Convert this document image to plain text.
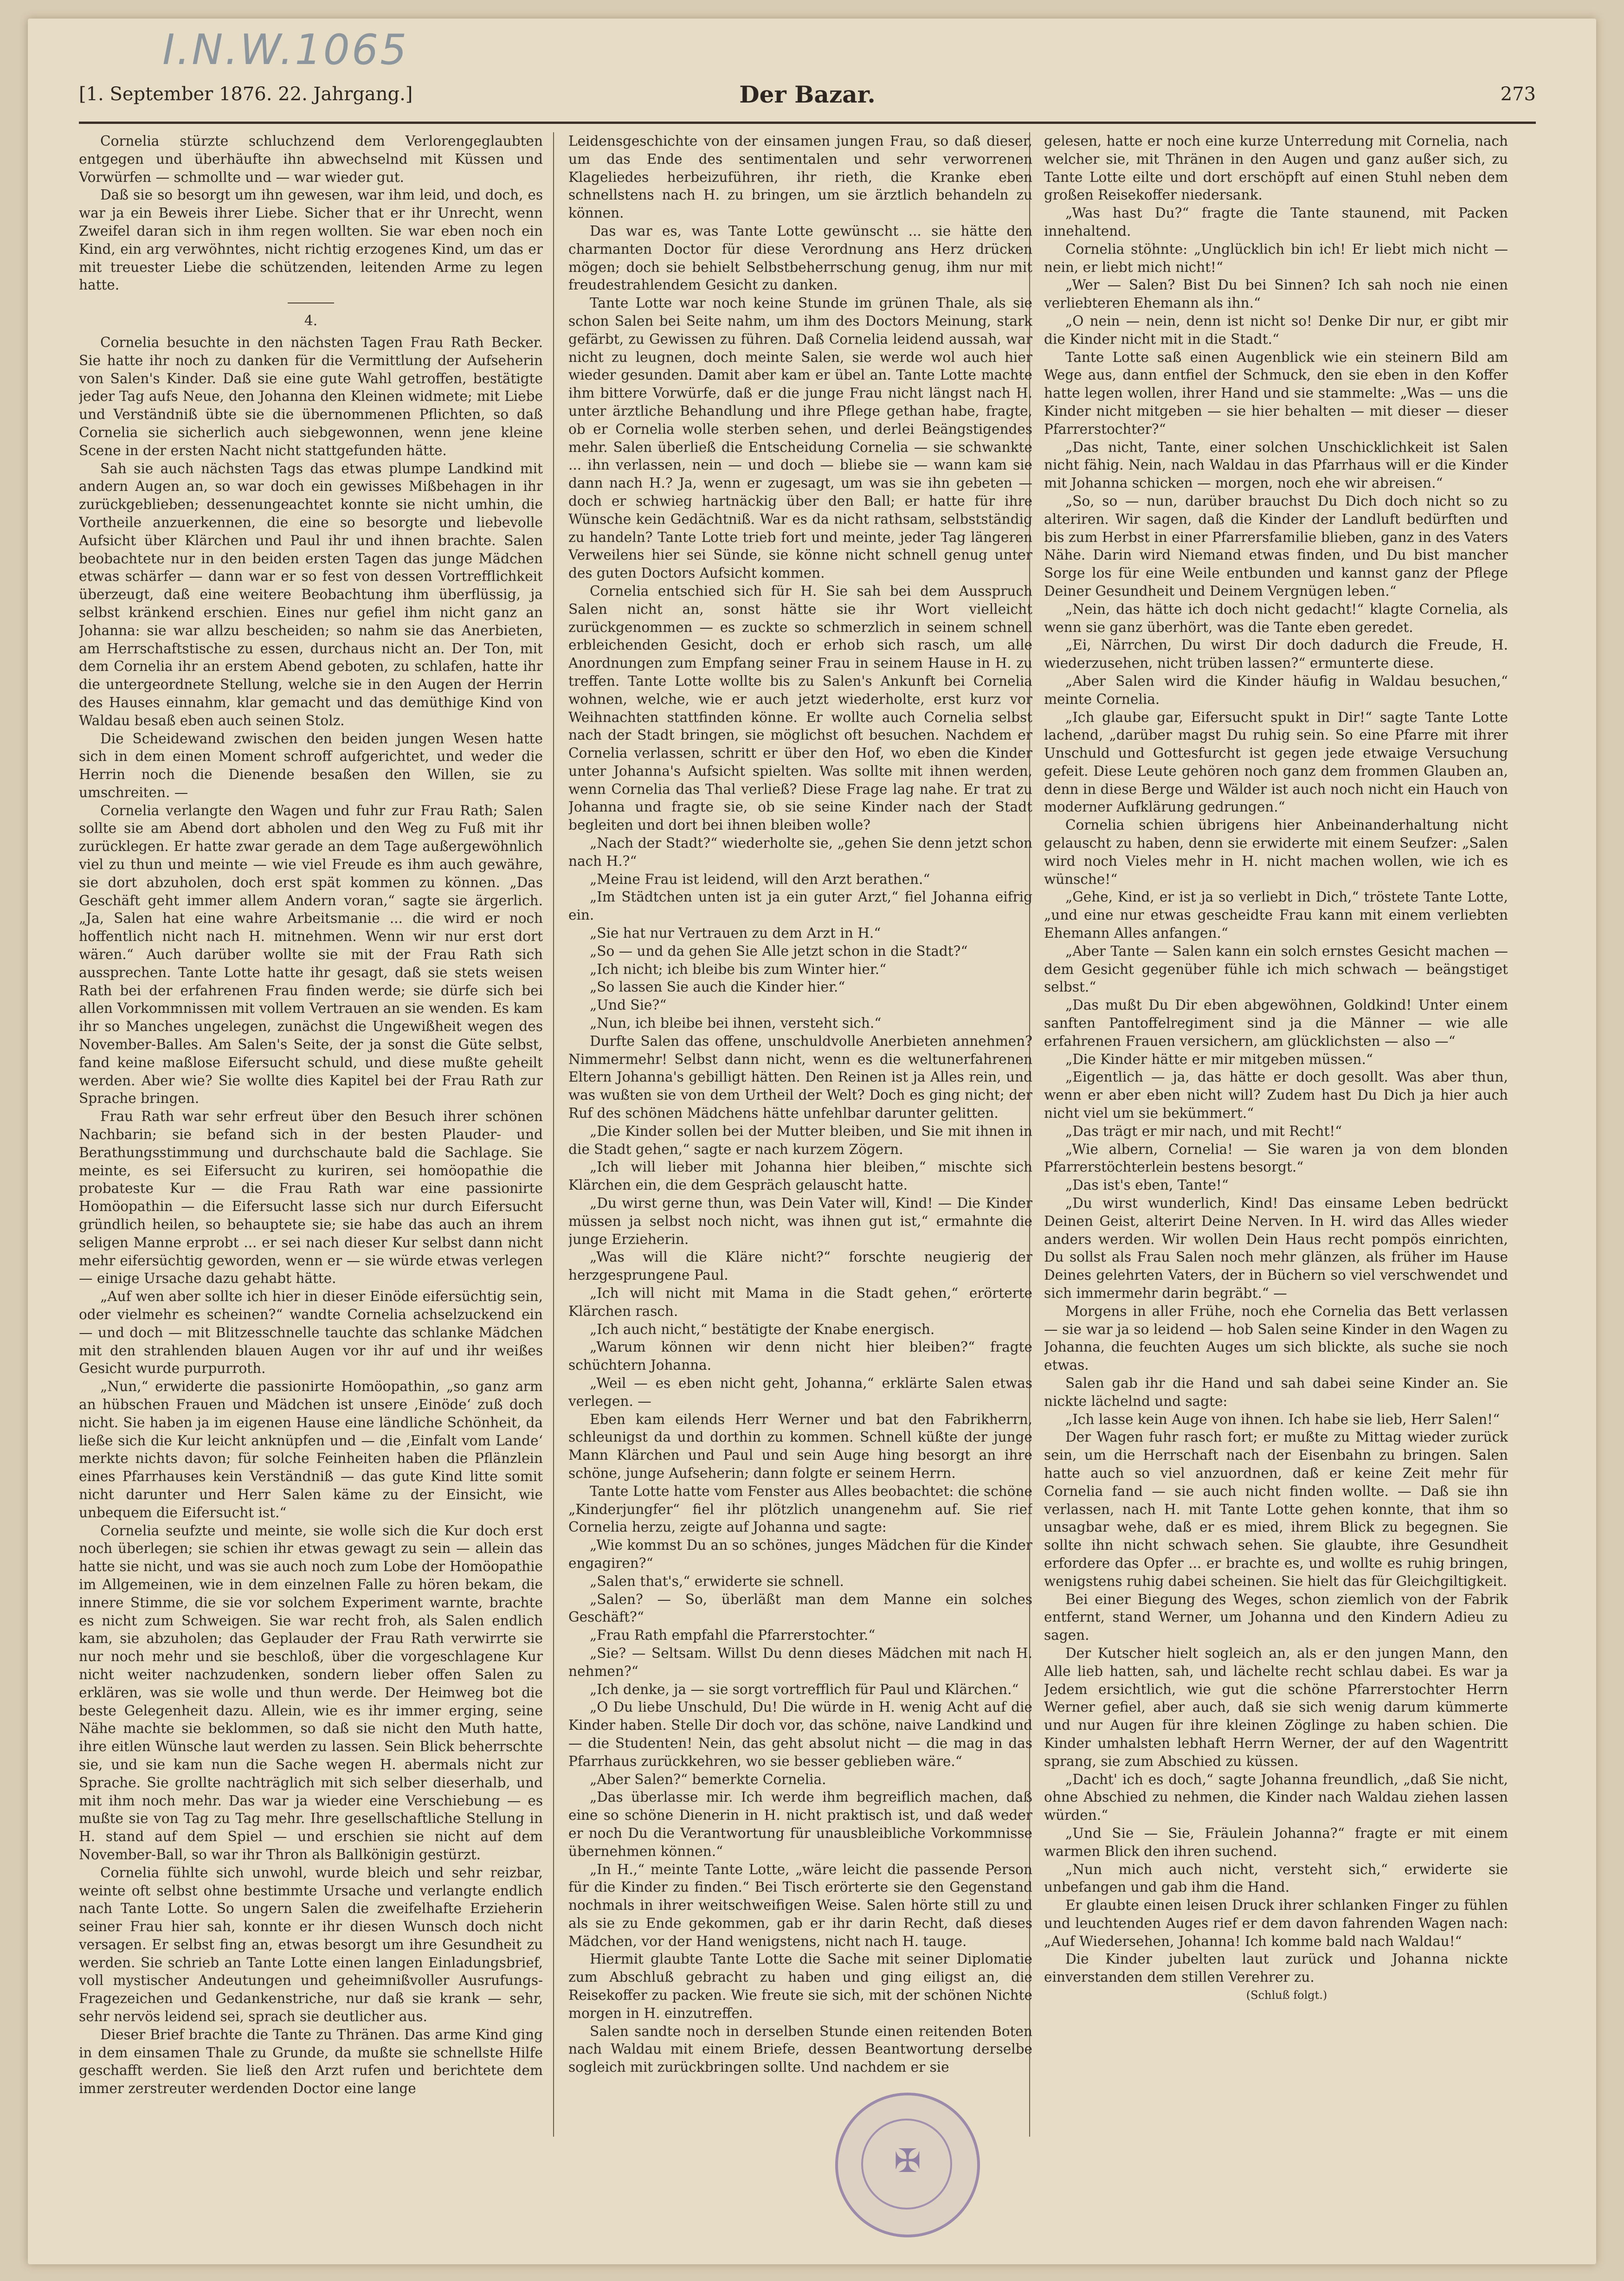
I.N.W.1065
[1. September 1876. 22. Jahrgang.]	Der Bazar.	273

Cornelia stürzte schluchzend dem Verlorengeglaubten entgegen und überhäufte ihn abwechselnd mit Küssen und Vorwürfen — schmollte und — war wieder gut.

Daß sie so besorgt um ihn gewesen, war ihm leid, und doch, es war ja ein Beweis ihrer Liebe. Sicher that er ihr Unrecht, wenn Zweifel daran sich in ihm regen wollten. Sie war eben noch ein Kind, ein arg verwöhntes, nicht richtig erzogenes Kind, um das er mit treuester Liebe die schützenden, leitenden Arme zu legen hatte.

4.

Cornelia besuchte in den nächsten Tagen Frau Rath Becker. Sie hatte ihr noch zu danken für die Vermittlung der Aufseherin von Salen's Kinder. Daß sie eine gute Wahl getroffen, bestätigte jeder Tag aufs Neue, den Johanna den Kleinen widmete; mit Liebe und Verständniß übte sie die übernommenen Pflichten, so daß Cornelia sie sicherlich auch siebgewonnen, wenn jene kleine Scene in der ersten Nacht nicht stattgefunden hätte.

Sah sie auch nächsten Tags das etwas plumpe Landkind mit andern Augen an, so war doch ein gewisses Mißbehagen in ihr zurückgeblieben; dessenungeachtet konnte sie nicht umhin, die Vortheile anzuerkennen, die eine so besorgte und liebevolle Aufsicht über Klärchen und Paul ihr und ihnen brachte. Salen beobachtete nur in den beiden ersten Tagen das junge Mädchen etwas schärfer — dann war er so fest von dessen Vortrefflichkeit überzeugt, daß eine weitere Beobachtung ihm überflüssig, ja selbst kränkend erschien. Eines nur gefiel ihm nicht ganz an Johanna: sie war allzu bescheiden; so nahm sie das Anerbieten, am Herrschaftstische zu essen, durchaus nicht an. Der Ton, mit dem Cornelia ihr an erstem Abend geboten, zu schlafen, hatte ihr die untergeordnete Stellung, welche sie in den Augen der Herrin des Hauses einnahm, klar gemacht und das demüthige Kind von Waldau besaß eben auch seinen Stolz.

Die Scheidewand zwischen den beiden jungen Wesen hatte sich in dem einen Moment schroff aufgerichtet, und weder die Herrin noch die Dienende besaßen den Willen, sie zu umschreiten. —

Cornelia verlangte den Wagen und fuhr zur Frau Rath; Salen sollte sie am Abend dort abholen und den Weg zu Fuß mit ihr zurücklegen. Er hatte zwar gerade an dem Tage außergewöhnlich viel zu thun und meinte — wie viel Freude es ihm auch gewähre, sie dort abzuholen, doch erst spät kommen zu können. „Das Geschäft geht immer allem Andern voran,“ sagte sie ärgerlich. „Ja, Salen hat eine wahre Arbeitsmanie ... die wird er noch hoffentlich nicht nach H. mitnehmen. Wenn wir nur erst dort wären.“ Auch darüber wollte sie mit der Frau Rath sich aussprechen. Tante Lotte hatte ihr gesagt, daß sie stets weisen Rath bei der erfahrenen Frau finden werde; sie dürfe sich bei allen Vorkommnissen mit vollem Vertrauen an sie wenden. Es kam ihr so Manches ungelegen, zunächst die Ungewißheit wegen des November-Balles. Am Salen's Seite, der ja sonst die Güte selbst, fand keine maßlose Eifersucht schuld, und diese mußte geheilt werden. Aber wie? Sie wollte dies Kapitel bei der Frau Rath zur Sprache bringen.

Frau Rath war sehr erfreut über den Besuch ihrer schönen Nachbarin; sie befand sich in der besten Plauder- und Berathungsstimmung und durchschaute bald die Sachlage. Sie meinte, es sei Eifersucht zu kuriren, sei homöopathie die probateste Kur — die Frau Rath war eine passionirte Homöopathin — die Eifersucht lasse sich nur durch Eifersucht gründlich heilen, so behauptete sie; sie habe das auch an ihrem seligen Manne erprobt ... er sei nach dieser Kur selbst dann nicht mehr eifersüchtig geworden, wenn er — sie würde etwas verlegen — einige Ursache dazu gehabt hätte.

„Auf wen aber sollte ich hier in dieser Einöde eifersüchtig sein, oder vielmehr es scheinen?“ wandte Cornelia achselzuckend ein — und doch — mit Blitzesschnelle tauchte das schlanke Mädchen mit den strahlenden blauen Augen vor ihr auf und ihr weißes Gesicht wurde purpurroth.

„Nun,“ erwiderte die passionirte Homöopathin, „so ganz arm an hübschen Frauen und Mädchen ist unsere ‚Einöde‘ zuß doch nicht. Sie haben ja im eigenen Hause eine ländliche Schönheit, da ließe sich die Kur leicht anknüpfen und — die ‚Einfalt vom Lande‘ merkte nichts davon; für solche Feinheiten haben die Pflänzlein eines Pfarrhauses kein Verständniß — das gute Kind litte somit nicht darunter und Herr Salen käme zu der Einsicht, wie unbequem die Eifersucht ist.“

Cornelia seufzte und meinte, sie wolle sich die Kur doch erst noch überlegen; sie schien ihr etwas gewagt zu sein — allein das hatte sie nicht, und was sie auch noch zum Lobe der Homöopathie im Allgemeinen, wie in dem einzelnen Falle zu hören bekam, die innere Stimme, die sie vor solchem Experiment warnte, brachte es nicht zum Schweigen. Sie war recht froh, als Salen endlich kam, sie abzuholen; das Geplauder der Frau Rath verwirrte sie nur noch mehr und sie beschloß, über die vorgeschlagene Kur nicht weiter nachzudenken, sondern lieber offen Salen zu erklären, was sie wolle und thun werde. Der Heimweg bot die beste Gelegenheit dazu. Allein, wie es ihr immer erging, seine Nähe machte sie beklommen, so daß sie nicht den Muth hatte, ihre eitlen Wünsche laut werden zu lassen. Sein Blick beherrschte sie, und sie kam nun die Sache wegen H. abermals nicht zur Sprache. Sie grollte nachträglich mit sich selber dieserhalb, und mit ihm noch mehr. Das war ja wieder eine Verschiebung — es mußte sie von Tag zu Tag mehr. Ihre gesellschaftliche Stellung in H. stand auf dem Spiel — und erschien sie nicht auf dem November-Ball, so war ihr Thron als Ballkönigin gestürzt.

Cornelia fühlte sich unwohl, wurde bleich und sehr reizbar, weinte oft selbst ohne bestimmte Ursache und verlangte endlich nach Tante Lotte. So ungern Salen die zweifelhafte Erzieherin seiner Frau hier sah, konnte er ihr diesen Wunsch doch nicht versagen. Er selbst fing an, etwas besorgt um ihre Gesundheit zu werden. Sie schrieb an Tante Lotte einen langen Einladungsbrief, voll mystischer Andeutungen und geheimnißvoller Ausrufungs-Fragezeichen und Gedankenstriche, nur daß sie krank — sehr, sehr nervös leidend sei, sprach sie deutlicher aus.

Dieser Brief brachte die Tante zu Thränen. Das arme Kind ging in dem einsamen Thale zu Grunde, da mußte sie schnellste Hilfe geschafft werden. Sie ließ den Arzt rufen und berichtete dem immer zerstreuter werdenden Doctor eine lange

Leidensgeschichte von der einsamen jungen Frau, so daß dieser, um das Ende des sentimentalen und sehr verworrenen Klageliedes herbeizuführen, ihr rieth, die Kranke eben schnellstens nach H. zu bringen, um sie ärztlich behandeln zu können.

Das war es, was Tante Lotte gewünscht ... sie hätte den charmanten Doctor für diese Verordnung ans Herz drücken mögen; doch sie behielt Selbstbeherrschung genug, ihm nur mit freudestrahlendem Gesicht zu danken.

Tante Lotte war noch keine Stunde im grünen Thale, als sie schon Salen bei Seite nahm, um ihm des Doctors Meinung, stark gefärbt, zu Gewissen zu führen. Daß Cornelia leidend aussah, war nicht zu leugnen, doch meinte Salen, sie werde wol auch hier wieder gesunden. Damit aber kam er übel an. Tante Lotte machte ihm bittere Vorwürfe, daß er die junge Frau nicht längst nach H. unter ärztliche Behandlung und ihre Pflege gethan habe, fragte, ob er Cornelia wolle sterben sehen, und derlei Beängstigendes mehr. Salen überließ die Entscheidung Cornelia — sie schwankte ... ihn verlassen, nein — und doch — bliebe sie — wann kam sie dann nach H.? Ja, wenn er zugesagt, um was sie ihn gebeten — doch er schwieg hartnäckig über den Ball; er hatte für ihre Wünsche kein Gedächtniß. War es da nicht rathsam, selbstständig zu handeln? Tante Lotte trieb fort und meinte, jeder Tag längeren Verweilens hier sei Sünde, sie könne nicht schnell genug unter des guten Doctors Aufsicht kommen.

Cornelia entschied sich für H. Sie sah bei dem Ausspruch Salen nicht an, sonst hätte sie ihr Wort vielleicht zurückgenommen — es zuckte so schmerzlich in seinem schnell erbleichenden Gesicht, doch er erhob sich rasch, um alle Anordnungen zum Empfang seiner Frau in seinem Hause in H. zu treffen. Tante Lotte wollte bis zu Salen's Ankunft bei Cornelia wohnen, welche, wie er auch jetzt wiederholte, erst kurz vor Weihnachten stattfinden könne. Er wollte auch Cornelia selbst nach der Stadt bringen, sie möglichst oft besuchen. Nachdem er Cornelia verlassen, schritt er über den Hof, wo eben die Kinder unter Johanna's Aufsicht spielten. Was sollte mit ihnen werden, wenn Cornelia das Thal verließ? Diese Frage lag nahe. Er trat zu Johanna und fragte sie, ob sie seine Kinder nach der Stadt begleiten und dort bei ihnen bleiben wolle?

„Nach der Stadt?“ wiederholte sie, „gehen Sie denn jetzt schon nach H.?“

„Meine Frau ist leidend, will den Arzt berathen.“

„Im Städtchen unten ist ja ein guter Arzt,“ fiel Johanna eifrig ein.

„Sie hat nur Vertrauen zu dem Arzt in H.“

„So — und da gehen Sie Alle jetzt schon in die Stadt?“

„Ich nicht; ich bleibe bis zum Winter hier.“

„So lassen Sie auch die Kinder hier.“

„Und Sie?“

„Nun, ich bleibe bei ihnen, versteht sich.“

Durfte Salen das offene, unschuldvolle Anerbieten annehmen? Nimmermehr! Selbst dann nicht, wenn es die weltunerfahrenen Eltern Johanna's gebilligt hätten. Den Reinen ist ja Alles rein, und was wußten sie von dem Urtheil der Welt? Doch es ging nicht; der Ruf des schönen Mädchens hätte unfehlbar darunter gelitten.

„Die Kinder sollen bei der Mutter bleiben, und Sie mit ihnen in die Stadt gehen,“ sagte er nach kurzem Zögern.

„Ich will lieber mit Johanna hier bleiben,“ mischte sich Klärchen ein, die dem Gespräch gelauscht hatte.

„Du wirst gerne thun, was Dein Vater will, Kind! — Die Kinder müssen ja selbst noch nicht, was ihnen gut ist,“ ermahnte die junge Erzieherin.

„Was will die Kläre nicht?“ forschte neugierig der herzgesprungene Paul.

„Ich will nicht mit Mama in die Stadt gehen,“ erörterte Klärchen rasch.

„Ich auch nicht,“ bestätigte der Knabe energisch.

„Warum können wir denn nicht hier bleiben?“ fragte schüchtern Johanna.

„Weil — es eben nicht geht, Johanna,“ erklärte Salen etwas verlegen. —

Eben kam eilends Herr Werner und bat den Fabrikherrn, schleunigst da und dorthin zu kommen. Schnell küßte der junge Mann Klärchen und Paul und sein Auge hing besorgt an ihre schöne, junge Aufseherin; dann folgte er seinem Herrn.

Tante Lotte hatte vom Fenster aus Alles beobachtet: die schöne „Kinderjungfer“ fiel ihr plötzlich unangenehm auf. Sie rief Cornelia herzu, zeigte auf Johanna und sagte:

„Wie kommst Du an so schönes, junges Mädchen für die Kinder engagiren?“

„Salen that's,“ erwiderte sie schnell.

„Salen? — So, überläßt man dem Manne ein solches Geschäft?“

„Frau Rath empfahl die Pfarrerstochter.“

„Sie? — Seltsam. Willst Du denn dieses Mädchen mit nach H. nehmen?“

„Ich denke, ja — sie sorgt vortrefflich für Paul und Klärchen.“

„O Du liebe Unschuld, Du! Die würde in H. wenig Acht auf die Kinder haben. Stelle Dir doch vor, das schöne, naive Landkind und — die Studenten! Nein, das geht absolut nicht — die mag in das Pfarrhaus zurückkehren, wo sie besser geblieben wäre.“

„Aber Salen?“ bemerkte Cornelia.

„Das überlasse mir. Ich werde ihm begreiflich machen, daß eine so schöne Dienerin in H. nicht praktisch ist, und daß weder er noch Du die Verantwortung für unausbleibliche Vorkommnisse übernehmen können.“

„In H.,“ meinte Tante Lotte, „wäre leicht die passende Person für die Kinder zu finden.“ Bei Tisch erörterte sie den Gegenstand nochmals in ihrer weitschweifigen Weise. Salen hörte still zu und als sie zu Ende gekommen, gab er ihr darin Recht, daß dieses Mädchen, vor der Hand wenigstens, nicht nach H. tauge.

Hiermit glaubte Tante Lotte die Sache mit seiner Diplomatie zum Abschluß gebracht zu haben und ging eiligst an, die Reisekoffer zu packen. Wie freute sie sich, mit der schönen Nichte morgen in H. einzutreffen.

Salen sandte noch in derselben Stunde einen reitenden Boten nach Waldau mit einem Briefe, dessen Beantwortung derselbe sogleich mit zurückbringen sollte. Und nachdem er sie

gelesen, hatte er noch eine kurze Unterredung mit Cornelia, nach welcher sie, mit Thränen in den Augen und ganz außer sich, zu Tante Lotte eilte und dort erschöpft auf einen Stuhl neben dem großen Reisekoffer niedersank.

„Was hast Du?“ fragte die Tante staunend, mit Packen innehaltend.

Cornelia stöhnte: „Unglücklich bin ich! Er liebt mich nicht — nein, er liebt mich nicht!“

„Wer — Salen? Bist Du bei Sinnen? Ich sah noch nie einen verliebteren Ehemann als ihn.“

„O nein — nein, denn ist nicht so! Denke Dir nur, er gibt mir die Kinder nicht mit in die Stadt.“

Tante Lotte saß einen Augenblick wie ein steinern Bild am Wege aus, dann entfiel der Schmuck, den sie eben in den Koffer hatte legen wollen, ihrer Hand und sie stammelte: „Was — uns die Kinder nicht mitgeben — sie hier behalten — mit dieser — dieser Pfarrerstochter?“

„Das nicht, Tante, einer solchen Unschicklichkeit ist Salen nicht fähig. Nein, nach Waldau in das Pfarrhaus will er die Kinder mit Johanna schicken — morgen, noch ehe wir abreisen.“

„So, so — nun, darüber brauchst Du Dich doch nicht so zu alteriren. Wir sagen, daß die Kinder der Landluft bedürften und bis zum Herbst in einer Pfarrersfamilie blieben, ganz in des Vaters Nähe. Darin wird Niemand etwas finden, und Du bist mancher Sorge los für eine Weile entbunden und kannst ganz der Pflege Deiner Gesundheit und Deinem Vergnügen leben.“

„Nein, das hätte ich doch nicht gedacht!“ klagte Cornelia, als wenn sie ganz überhört, was die Tante eben geredet.

„Ei, Närrchen, Du wirst Dir doch dadurch die Freude, H. wiederzusehen, nicht trüben lassen?“ ermunterte diese.

„Aber Salen wird die Kinder häufig in Waldau besuchen,“ meinte Cornelia.

„Ich glaube gar, Eifersucht spukt in Dir!“ sagte Tante Lotte lachend, „darüber magst Du ruhig sein. So eine Pfarre mit ihrer Unschuld und Gottesfurcht ist gegen jede etwaige Versuchung gefeit. Diese Leute gehören noch ganz dem frommen Glauben an, denn in diese Berge und Wälder ist auch noch nicht ein Hauch von moderner Aufklärung gedrungen.“

Cornelia schien übrigens hier Anbeinanderhaltung nicht gelauscht zu haben, denn sie erwiderte mit einem Seufzer: „Salen wird noch Vieles mehr in H. nicht machen wollen, wie ich es wünsche!“

„Gehe, Kind, er ist ja so verliebt in Dich,“ tröstete Tante Lotte, „und eine nur etwas gescheidte Frau kann mit einem verliebten Ehemann Alles anfangen.“

„Aber Tante — Salen kann ein solch ernstes Gesicht machen — dem Gesicht gegenüber fühle ich mich schwach — beängstiget selbst.“

„Das mußt Du Dir eben abgewöhnen, Goldkind! Unter einem sanften Pantoffelregiment sind ja die Männer — wie alle erfahrenen Frauen versichern, am glücklichsten — also —“

„Die Kinder hätte er mir mitgeben müssen.“

„Eigentlich — ja, das hätte er doch gesollt. Was aber thun, wenn er aber eben nicht will? Zudem hast Du Dich ja hier auch nicht viel um sie bekümmert.“

„Das trägt er mir nach, und mit Recht!“

„Wie albern, Cornelia! — Sie waren ja von dem blonden Pfarrerstöchterlein bestens besorgt.“

„Das ist's eben, Tante!“

„Du wirst wunderlich, Kind! Das einsame Leben bedrückt Deinen Geist, alterirt Deine Nerven. In H. wird das Alles wieder anders werden. Wir wollen Dein Haus recht pompös einrichten, Du sollst als Frau Salen noch mehr glänzen, als früher im Hause Deines gelehrten Vaters, der in Büchern so viel verschwendet und sich immermehr darin begräbt.“ —

Morgens in aller Frühe, noch ehe Cornelia das Bett verlassen — sie war ja so leidend — hob Salen seine Kinder in den Wagen zu Johanna, die feuchten Auges um sich blickte, als suche sie noch etwas.

Salen gab ihr die Hand und sah dabei seine Kinder an. Sie nickte lächelnd und sagte:

„Ich lasse kein Auge von ihnen. Ich habe sie lieb, Herr Salen!“

Der Wagen fuhr rasch fort; er mußte zu Mittag wieder zurück sein, um die Herrschaft nach der Eisenbahn zu bringen. Salen hatte auch so viel anzuordnen, daß er keine Zeit mehr für Cornelia fand — sie auch nicht finden wollte. — Daß sie ihn verlassen, nach H. mit Tante Lotte gehen konnte, that ihm so unsagbar wehe, daß er es mied, ihrem Blick zu begegnen. Sie sollte ihn nicht schwach sehen. Sie glaubte, ihre Gesundheit erfordere das Opfer ... er brachte es, und wollte es ruhig bringen, wenigstens ruhig dabei scheinen. Sie hielt das für Gleichgiltigkeit.

Bei einer Biegung des Weges, schon ziemlich von der Fabrik entfernt, stand Werner, um Johanna und den Kindern Adieu zu sagen.

Der Kutscher hielt sogleich an, als er den jungen Mann, den Alle lieb hatten, sah, und lächelte recht schlau dabei. Es war ja Jedem ersichtlich, wie gut die schöne Pfarrerstochter Herrn Werner gefiel, aber auch, daß sie sich wenig darum kümmerte und nur Augen für ihre kleinen Zöglinge zu haben schien. Die Kinder umhalsten lebhaft Herrn Werner, der auf den Wagentritt sprang, sie zum Abschied zu küssen.

„Dacht' ich es doch,“ sagte Johanna freundlich, „daß Sie nicht, ohne Abschied zu nehmen, die Kinder nach Waldau ziehen lassen würden.“

„Und Sie — Sie, Fräulein Johanna?“ fragte er mit einem warmen Blick den ihren suchend.

„Nun mich auch nicht, versteht sich,“ erwiderte sie unbefangen und gab ihm die Hand.

Er glaubte einen leisen Druck ihrer schlanken Finger zu fühlen und leuchtenden Auges rief er dem davon fahrenden Wagen nach: „Auf Wiedersehen, Johanna! Ich komme bald nach Waldau!“

Die Kinder jubelten laut zurück und Johanna nickte einverstanden dem stillen Verehrer zu.

(Schluß folgt.)

✠
